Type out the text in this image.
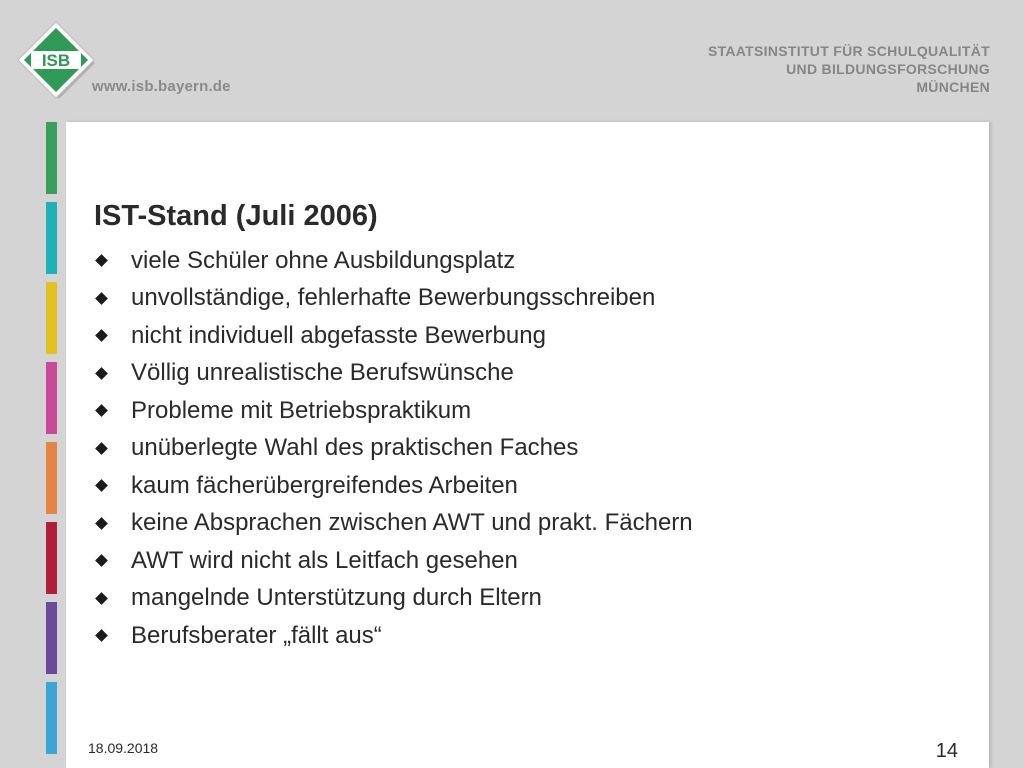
ISB
www.isb.bayern.de
STAATSINSTITUT FÜR SCHULQUALITÄT
UND BILDUNGSFORSCHUNG
MÜNCHEN
IST-Stand (Juli 2006)
viele Schüler ohne Ausbildungsplatz
unvollständige, fehlerhafte Bewerbungsschreiben
nicht individuell abgefasste Bewerbung
Völlig unrealistische Berufswünsche
Probleme mit Betriebspraktikum
unüberlegte Wahl des praktischen Faches
kaum fächerübergreifendes Arbeiten
keine Absprachen zwischen AWT und prakt. Fächern
AWT wird nicht als Leitfach gesehen
mangelnde Unterstützung durch Eltern
Berufsberater „fällt aus“
18.09.2018	14
